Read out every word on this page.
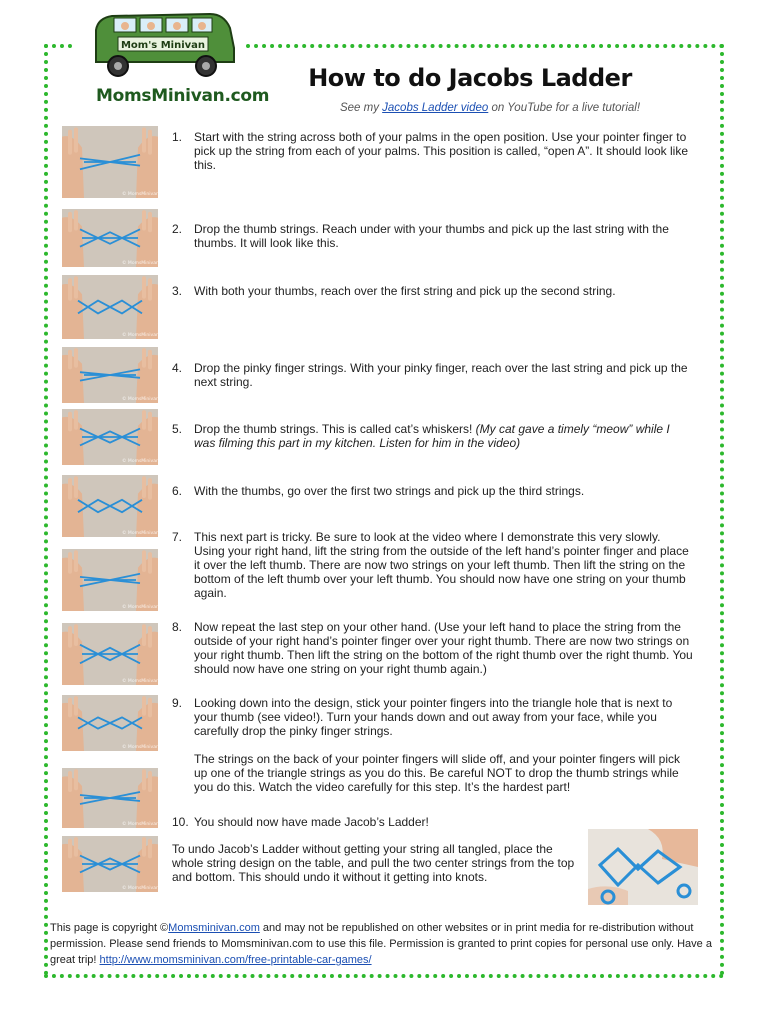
Mom's Minivan
MomsMinivan.com
How to do Jacobs Ladder
See my Jacobs Ladder video on YouTube for a live tutorial!
© MomsMinivan.com
© MomsMinivan.com
© MomsMinivan.com
© MomsMinivan.com
© MomsMinivan.com
© MomsMinivan.com
© MomsMinivan.com
© MomsMinivan.com
© MomsMinivan.com
© MomsMinivan.com
© MomsMinivan.com
1. Start with the string across both of your palms in the open position. Use your pointer finger to pick up the string from each of your palms. This position is called, “open A”. It should look like this.
2. Drop the thumb strings. Reach under with your thumbs and pick up the last string with the thumbs. It will look like this.
3. With both your thumbs, reach over the first string and pick up the second string.
4. Drop the pinky finger strings. With your pinky finger, reach over the last string and pick up the next string.
5. Drop the thumb strings. This is called cat’s whiskers! (My cat gave a timely “meow” while I was filming this part in my kitchen. Listen for him in the video)
6. With the thumbs, go over the first two strings and pick up the third strings.
7. This next part is tricky. Be sure to look at the video where I demonstrate this very slowly. Using your right hand, lift the string from the outside of the left hand’s pointer finger and place it over the left thumb. There are now two strings on your left thumb. Then lift the string on the bottom of the left thumb over your left thumb. You should now have one string on your thumb again.
8. Now repeat the last step on your other hand. (Use your left hand to place the string from the outside of your right hand’s pointer finger over your right thumb. There are now two strings on your right thumb. Then lift the string on the bottom of the right thumb over the right thumb. You should now have one string on your right thumb again.)
9. Looking down into the design, stick your pointer fingers into the triangle hole that is next to your thumb (see video!). Turn your hands down and out away from your face, while you carefully drop the pinky finger strings.
The strings on the back of your pointer fingers will slide off, and your pointer fingers will pick up one of the triangle strings as you do this. Be careful NOT to drop the thumb strings while you do this. Watch the video carefully for this step. It’s the hardest part!
10. You should now have made Jacob’s Ladder!
To undo Jacob’s Ladder without getting your string all tangled, place the whole string design on the table, and pull the two center strings from the top and bottom. This should undo it without it getting into knots.
This page is copyright ©Momsminivan.com and may not be republished on other websites or in print media for re-distribution without permission. Please send friends to Momsminivan.com to use this file. Permission is granted to print copies for personal use only. Have a great trip! http://www.momsminivan.com/free-printable-car-games/
